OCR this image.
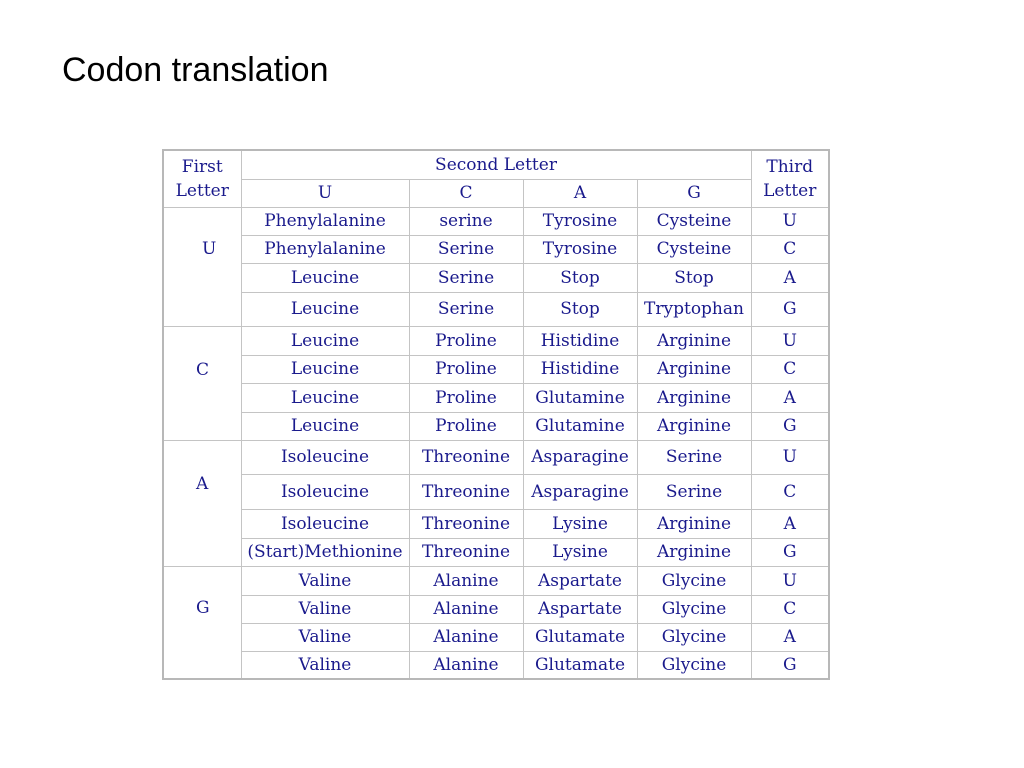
Codon translation
First
Letter	Second Letter				Third
Letter
	U	C	A	G	
U	Phenylalanine	serine	Tyrosine	Cysteine	U
	Phenylalanine	Serine	Tyrosine	Cysteine	C
	Leucine	Serine	Stop	Stop	A
	Leucine	Serine	Stop	Tryptophan	G
C	Leucine	Proline	Histidine	Arginine	U
	Leucine	Proline	Histidine	Arginine	C
	Leucine	Proline	Glutamine	Arginine	A
	Leucine	Proline	Glutamine	Arginine	G
A	Isoleucine	Threonine	Asparagine	Serine	U
	Isoleucine	Threonine	Asparagine	Serine	C
	Isoleucine	Threonine	Lysine	Arginine	A
	(Start)Methionine	Threonine	Lysine	Arginine	G
G	Valine	Alanine	Aspartate	Glycine	U
	Valine	Alanine	Aspartate	Glycine	C
	Valine	Alanine	Glutamate	Glycine	A
	Valine	Alanine	Glutamate	Glycine	G
